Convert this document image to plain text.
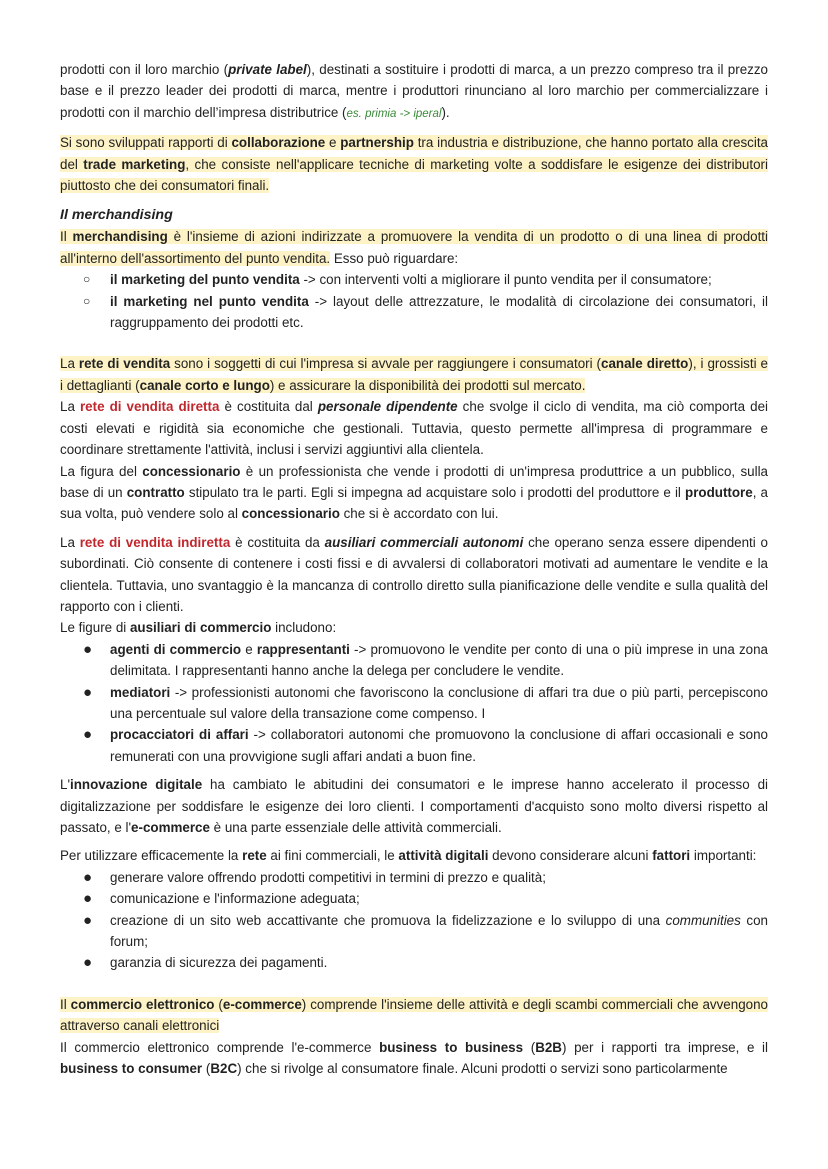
prodotti con il loro marchio (private label), destinati a sostituire i prodotti di marca, a un prezzo compreso tra il prezzo base e il prezzo leader dei prodotti di marca, mentre i produttori rinunciano al loro marchio per commercializzare i prodotti con il marchio dell’impresa distributrice (es. primia -> iperal).

Si sono sviluppati rapporti di collaborazione e partnership tra industria e distribuzione, che hanno portato alla crescita del trade marketing, che consiste nell'applicare tecniche di marketing volte a soddisfare le esigenze dei distributori piuttosto che dei consumatori finali.

Il merchandising

Il merchandising è l'insieme di azioni indirizzate a promuovere la vendita di un prodotto o di una linea di prodotti all'interno dell'assortimento del punto vendita. Esso può riguardare:

○ il marketing del punto vendita -> con interventi volti a migliorare il punto vendita per il consumatore;
○ il marketing nel punto vendita -> layout delle attrezzature, le modalità di circolazione dei consumatori, il raggruppamento dei prodotti etc.

La rete di vendita sono i soggetti di cui l'impresa si avvale per raggiungere i consumatori (canale diretto), i grossisti e i dettaglianti (canale corto e lungo) e assicurare la disponibilità dei prodotti sul mercato.

La rete di vendita diretta è costituita dal personale dipendente che svolge il ciclo di vendita, ma ciò comporta dei costi elevati e rigidità sia economiche che gestionali. Tuttavia, questo permette all'impresa di programmare e coordinare strettamente l'attività, inclusi i servizi aggiuntivi alla clientela.

La figura del concessionario è un professionista che vende i prodotti di un'impresa produttrice a un pubblico, sulla base di un contratto stipulato tra le parti. Egli si impegna ad acquistare solo i prodotti del produttore e il produttore, a sua volta, può vendere solo al concessionario che si è accordato con lui.

La rete di vendita indiretta è costituita da ausiliari commerciali autonomi che operano senza essere dipendenti o subordinati. Ciò consente di contenere i costi fissi e di avvalersi di collaboratori motivati ad aumentare le vendite e la clientela. Tuttavia, uno svantaggio è la mancanza di controllo diretto sulla pianificazione delle vendite e sulla qualità del rapporto con i clienti.

Le figure di ausiliari di commercio includono:

● agenti di commercio e rappresentanti -> promuovono le vendite per conto di una o più imprese in una zona delimitata. I rappresentanti hanno anche la delega per concludere le vendite.
● mediatori -> professionisti autonomi che favoriscono la conclusione di affari tra due o più parti, percepiscono una percentuale sul valore della transazione come compenso. I
● procacciatori di affari -> collaboratori autonomi che promuovono la conclusione di affari occasionali e sono remunerati con una provvigione sugli affari andati a buon fine.

L'innovazione digitale ha cambiato le abitudini dei consumatori e le imprese hanno accelerato il processo di digitalizzazione per soddisfare le esigenze dei loro clienti. I comportamenti d'acquisto sono molto diversi rispetto al passato, e l'e-commerce è una parte essenziale delle attività commerciali.

Per utilizzare efficacemente la rete ai fini commerciali, le attività digitali devono considerare alcuni fattori importanti:

● generare valore offrendo prodotti competitivi in termini di prezzo e qualità;
● comunicazione e l'informazione adeguata;
● creazione di un sito web accattivante che promuova la fidelizzazione e lo sviluppo di una communities con forum;
● garanzia di sicurezza dei pagamenti.

Il commercio elettronico (e-commerce) comprende l'insieme delle attività e degli scambi commerciali che avvengono attraverso canali elettronici

Il commercio elettronico comprende l'e-commerce business to business (B2B) per i rapporti tra imprese, e il business to consumer (B2C) che si rivolge al consumatore finale. Alcuni prodotti o servizi sono particolarmente
